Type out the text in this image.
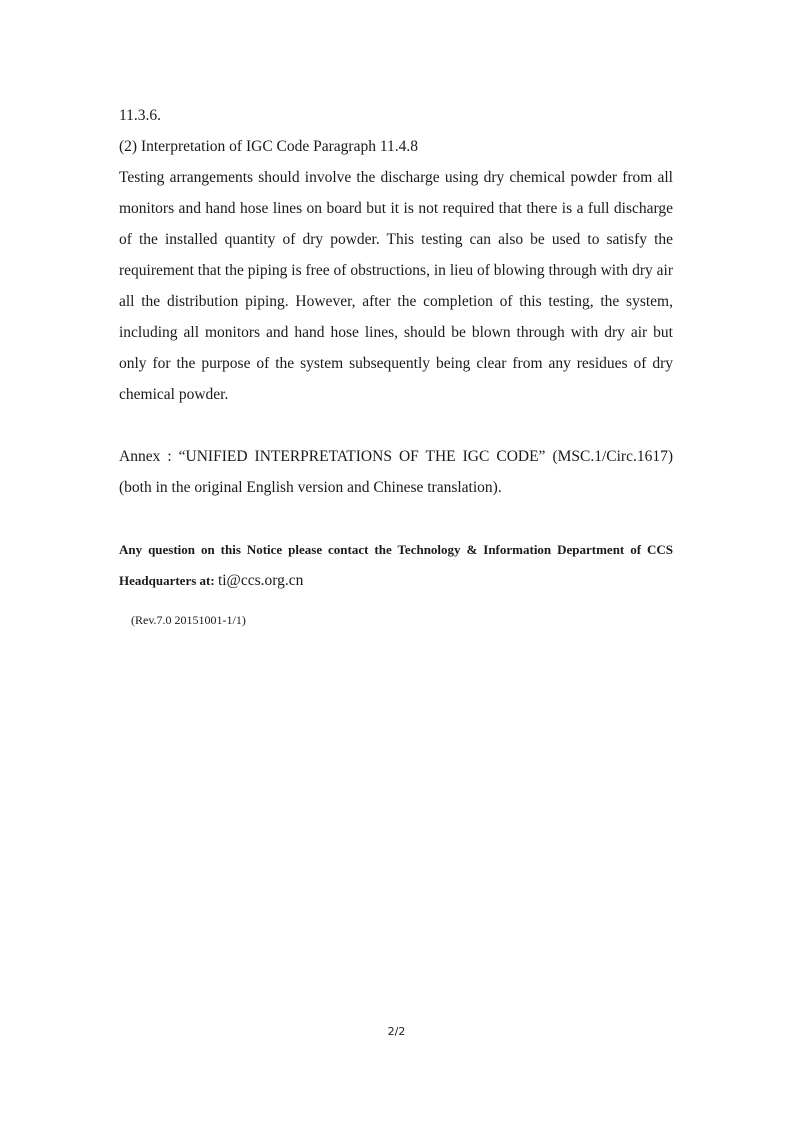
11.3.6.
(2) Interpretation of IGC Code Paragraph 11.4.8

Testing arrangements should involve the discharge using dry chemical powder from all monitors and hand hose lines on board but it is not required that there is a full discharge of the installed quantity of dry powder. This testing can also be used to satisfy the requirement that the piping is free of obstructions, in lieu of blowing through with dry air all the distribution piping. However, after the completion of this testing, the system, including all monitors and hand hose lines, should be blown through with dry air but only for the purpose of the system subsequently being clear from any residues of dry chemical powder.

Annex : “UNIFIED INTERPRETATIONS OF THE IGC CODE” (MSC.1/Circ.1617) (both in the original English version and Chinese translation).

Any question on this Notice please contact the Technology & Information Department of CCS Headquarters at: ti@ccs.org.cn

(Rev.7.0 20151001-1/1)
2/2
